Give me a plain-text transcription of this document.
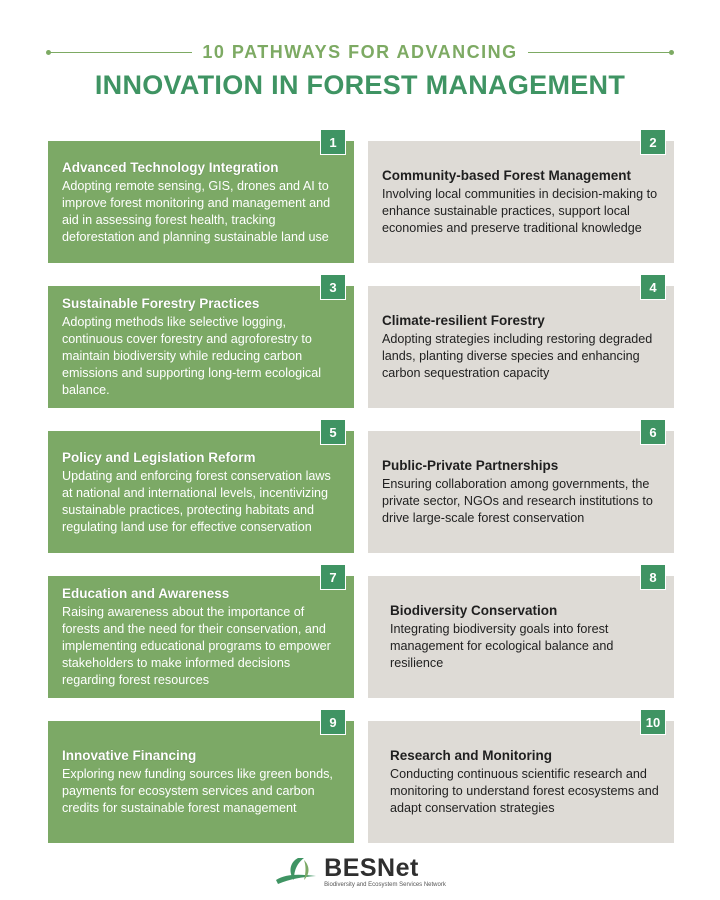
10 PATHWAYS FOR ADVANCING
INNOVATION IN FOREST MANAGEMENT
1
Advanced Technology Integration

Adopting remote sensing, GIS, drones and AI to improve forest monitoring and management and aid in assessing forest health, tracking deforestation and planning sustainable land use

2
Community-based Forest Management

Involving local communities in decision-making to enhance sustainable practices, support local economies and preserve traditional knowledge

3
Sustainable Forestry Practices

Adopting methods like selective logging, continuous cover forestry and agroforestry to maintain biodiversity while reducing carbon emissions and supporting long-term ecological balance.

4
Climate-resilient Forestry

Adopting strategies including restoring degraded lands, planting diverse species and enhancing carbon sequestration capacity

5
Policy and Legislation Reform

Updating and enforcing forest conservation laws at national and international levels, incentivizing sustainable practices, protecting habitats and regulating land use for effective conservation

6
Public-Private Partnerships

Ensuring collaboration among governments, the private sector, NGOs and research institutions to drive large-scale forest conservation

7
Education and Awareness

Raising awareness about the importance of forests and the need for their conservation, and implementing educational programs to empower stakeholders to make informed decisions regarding forest resources

8
Biodiversity Conservation

Integrating biodiversity goals into forest management for ecological balance and resilience

9
Innovative Financing

Exploring new funding sources like green bonds, payments for ecosystem services and carbon credits for sustainable forest management

10
Research and Monitoring

Conducting continuous scientific research and monitoring to understand forest ecosystems and adapt conservation strategies

BESNet
Biodiversity and Ecosystem Services Network
